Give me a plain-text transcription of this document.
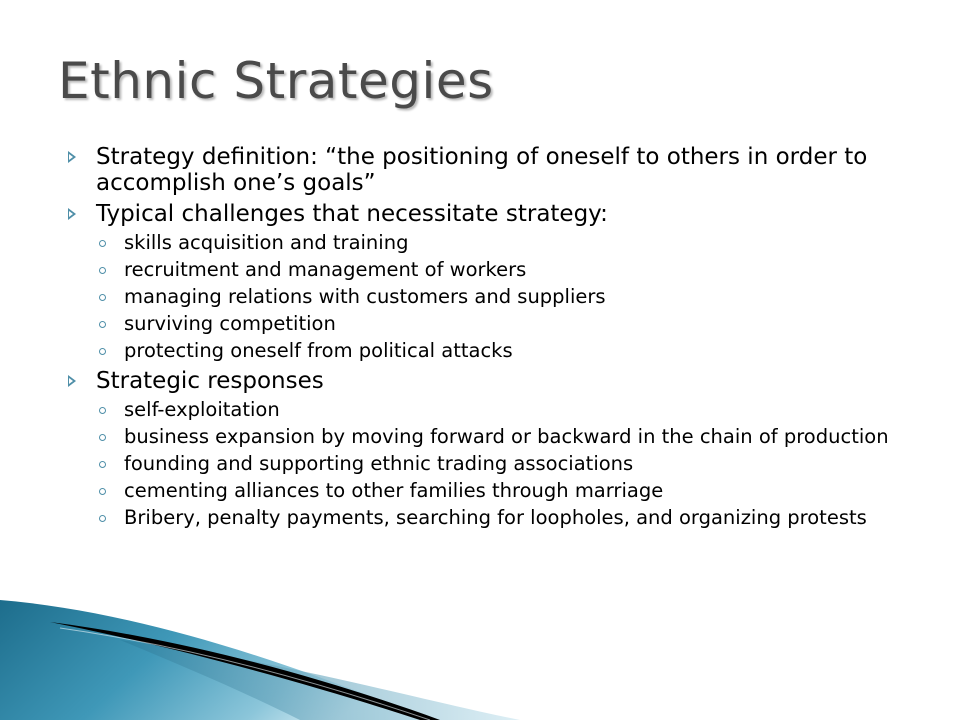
Ethnic Strategies
Strategy definition: “the positioning of oneself to others in order to accomplish one’s goals”
Typical challenges that necessitate strategy:
skills acquisition and training
recruitment and management of workers
managing relations with customers and suppliers
surviving competition
protecting oneself from political attacks
Strategic responses
self-exploitation
business expansion by moving forward or backward in the chain of production
founding and supporting ethnic trading associations
cementing alliances to other families through marriage
Bribery, penalty payments, searching for loopholes, and organizing protests
